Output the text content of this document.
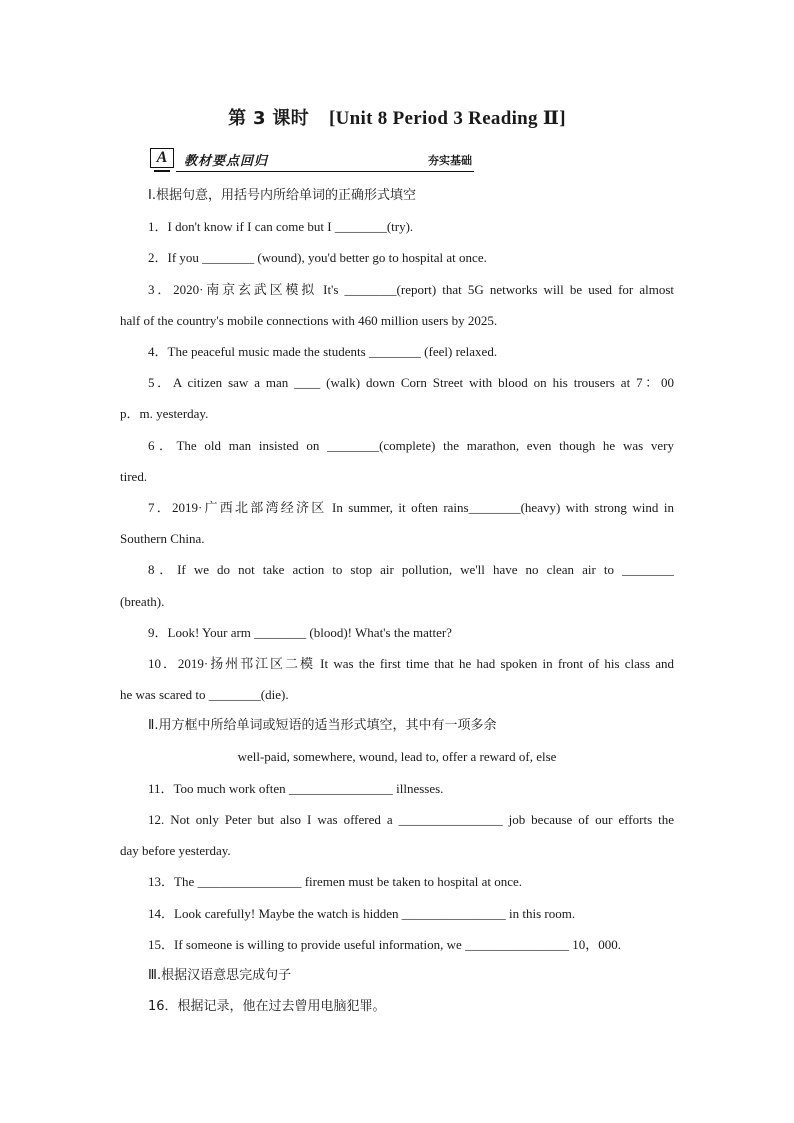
第 3 课时 [Unit 8 Period 3 Reading Ⅱ]
A	教材要点回归	夯实基础
Ⅰ.根据句意，用括号内所给单词的正确形式填空
1．I don't know if I can come but I ________(try).
2．If you ________ (wound), you'd better go to hospital at once.
3．2020·南京玄武区模拟 It's ________(report) that 5G networks will be used for almost
half of the country's mobile connections with 460 million users by 2025.
4．The peaceful music made the students ________ (feel) relaxed.
5．A citizen saw a man ____ (walk) down Corn Street with blood on his trousers at 7：00
p．m. yesterday.
6．The old man insisted on ________(complete) the marathon, even though he was very
tired.
7．2019·广西北部湾经济区 In summer, it often rains________(heavy) with strong wind in
Southern China.
8．If we do not take action to stop air pollution, we'll have no clean air to ________
(breath).
9．Look! Your arm ________ (blood)! What's the matter?
10．2019·扬州邗江区二模 It was the first time that he had spoken in front of his class and
he was scared to ________(die).
Ⅱ.用方框中所给单词或短语的适当形式填空，其中有一项多余
well-paid, somewhere, wound, lead to, offer a reward of, else
11．Too much work often ________________ illnesses.
12. Not only Peter but also I was offered a ________________ job because of our efforts the
day before yesterday.
13．The ________________ firemen must be taken to hospital at once.
14．Look carefully! Maybe the watch is hidden ________________ in this room.
15．If someone is willing to provide useful information, we ________________ 10，000.
Ⅲ.根据汉语意思完成句子
16．根据记录，他在过去曾用电脑犯罪。
